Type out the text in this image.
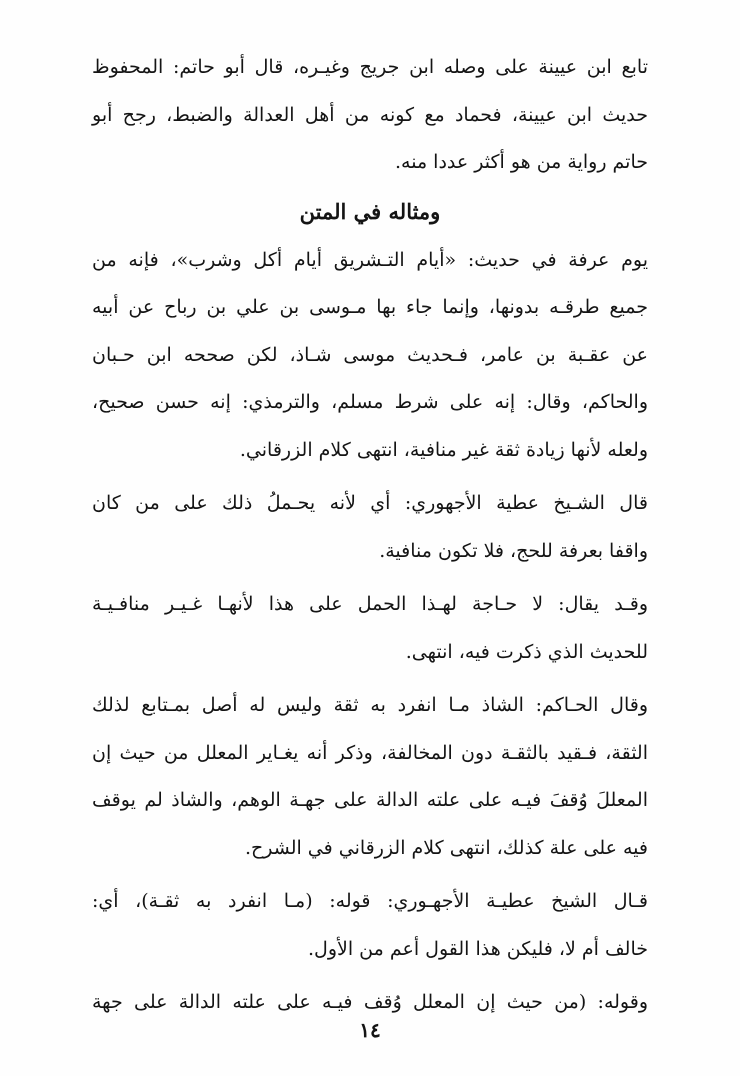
تابع ابن عيينة على وصله ابن جريج وغيـره، قال أبو حاتم: المحفوظ
حديث ابن عيينة، فحماد مع كونه من أهل العدالة والضبط، رجح أبو
حاتم رواية من هو أكثر عددا منه.
ومثاله في المتن
يوم عرفة في حديث: «أيام التـشريق أيام أكل وشرب»، فإنه من
جميع طرقـه بدونها، وإنما جاء بها مـوسى بن علي بن رباح عن أبيه
عن عقـبة بن عامر، فـحديث موسى شـاذ، لكن صححه ابن حـبان
والحاكم، وقال: إنه على شرط مسلم، والترمذي: إنه حسن صحيح،
ولعله لأنها زيادة ثقة غير منافية، انتهى كلام الزرقاني.
قال الشـيخ عطية الأجهوري: أي لأنه يحـملُ ذلك على من كان
واقفا بعرفة للحج، فلا تكون منافية.
وقـد يقال: لا حـاجة لهـذا الحمل على هذا لأنهـا غـيـر منافـيـة
للحديث الذي ذكرت فيه، انتهى.
وقال الحـاكم: الشاذ مـا انفرد به ثقة وليس له أصل بمـتابع لذلك
الثقة، فـقيد بالثقـة دون المخالفة، وذكر أنه يغـاير المعلل من حيث إن
المعللَ وُقفَ فيـه على علته الدالة على جهـة الوهم، والشاذ لم يوقف
فيه على علة كذلك، انتهى كلام الزرقاني في الشرح.
قـال الشيخ عطيـة الأجهـوري: قوله: (مـا انفرد به ثقـة)، أي:
خالف أم لا، فليكن هذا القول أعم من الأول.
وقوله: (من حيث إن المعلل وُقف فيـه على علته الدالة على جهة
١٤
